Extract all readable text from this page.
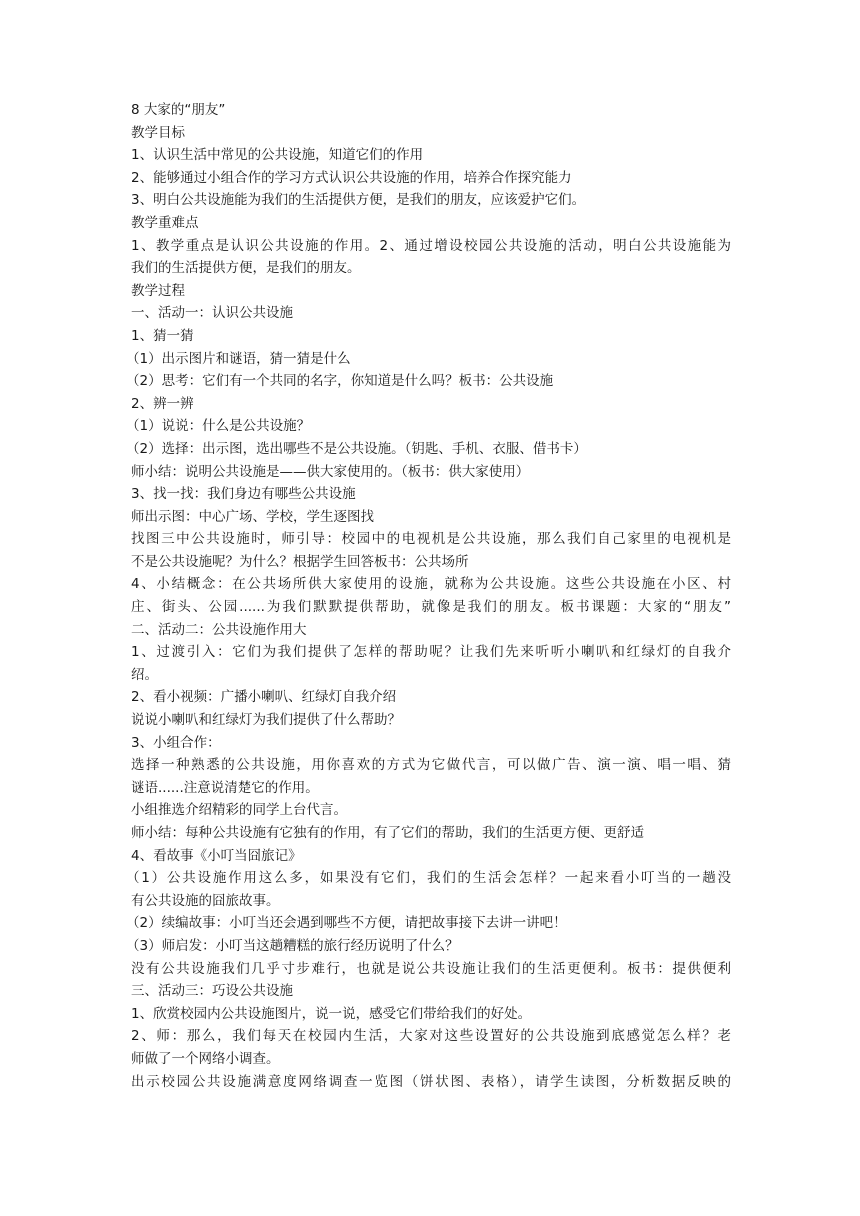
8 大家的“朋友”

教学目标

1、认识生活中常见的公共设施，知道它们的作用

2、能够通过小组合作的学习方式认识公共设施的作用，培养合作探究能力

3、明白公共设施能为我们的生活提供方便，是我们的朋友，应该爱护它们。

教学重难点

1、教学重点是认识公共设施的作用。2、通过增设校园公共设施的活动，明白公共设施能为

我们的生活提供方便，是我们的朋友。

教学过程

一、活动一：认识公共设施

1、猜一猜

（1）出示图片和谜语，猜一猜是什么

（2）思考：它们有一个共同的名字，你知道是什么吗？板书：公共设施

2、辨一辨

（1）说说：什么是公共设施？

（2）选择：出示图，选出哪些不是公共设施。（钥匙、手机、衣服、借书卡）

师小结：说明公共设施是——供大家使用的。（板书：供大家使用）

3、找一找：我们身边有哪些公共设施

师出示图：中心广场、学校，学生逐图找

找图三中公共设施时，师引导：校园中的电视机是公共设施，那么我们自己家里的电视机是

不是公共设施呢？为什么？根据学生回答板书：公共场所

4、小结概念：在公共场所供大家使用的设施，就称为公共设施。这些公共设施在小区、村

庄、街头、公园......为我们默默提供帮助，就像是我们的朋友。板书课题：大家的“朋友”

二、活动二：公共设施作用大

1、过渡引入：它们为我们提供了怎样的帮助呢？让我们先来听听小喇叭和红绿灯的自我介

绍。

2、看小视频：广播小喇叭、红绿灯自我介绍

说说小喇叭和红绿灯为我们提供了什么帮助？

3、小组合作：

选择一种熟悉的公共设施，用你喜欢的方式为它做代言，可以做广告、演一演、唱一唱、猜

谜语......注意说清楚它的作用。

小组推选介绍精彩的同学上台代言。

师小结：每种公共设施有它独有的作用，有了它们的帮助，我们的生活更方便、更舒适

4、看故事《小叮当囧旅记》

（1）公共设施作用这么多，如果没有它们，我们的生活会怎样？一起来看小叮当的一趟没

有公共设施的囧旅故事。

（2）续编故事：小叮当还会遇到哪些不方便，请把故事接下去讲一讲吧！

（3）师启发：小叮当这趟糟糕的旅行经历说明了什么？

没有公共设施我们几乎寸步难行，也就是说公共设施让我们的生活更便利。板书：提供便利

三、活动三：巧设公共设施

1、欣赏校园内公共设施图片，说一说，感受它们带给我们的好处。

2、师：那么，我们每天在校园内生活，大家对这些设置好的公共设施到底感觉怎么样？老

师做了一个网络小调查。

出示校园公共设施满意度网络调查一览图（饼状图、表格），请学生读图，分析数据反映的
